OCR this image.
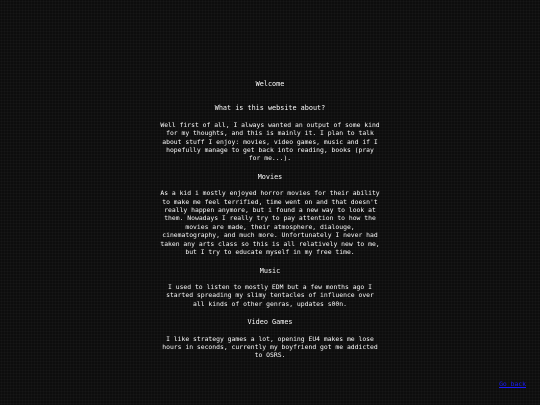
Welcome
What is this website about?
Well first of all, I always wanted an output of some kind for my thoughts, and this is mainly it. I plan to talk about stuff I enjoy: movies, video games, music and if I hopefully manage to get back into reading, books (pray for me...).
Movies
As a kid i mostly enjoyed horror movies for their ability to make me feel terrified, time went on and that doesn't really happen anymore, but i found a new way to look at them. Nowadays I really try to pay attention to how the movies are made, their atmosphere, dialouge, cinematography, and much more. Unfortunately I never had taken any arts class so this is all relatively new to me, but I try to educate myself in my free time.
Music
I used to listen to mostly EDM but a few months ago I started spreading my slimy tentacles of influence over all kinds of other genras, updates s00n.
Video Games
I like strategy games a lot, opening EU4 makes me lose hours in seconds, currently my boyfriend got me addicted to OSRS.
Go back
